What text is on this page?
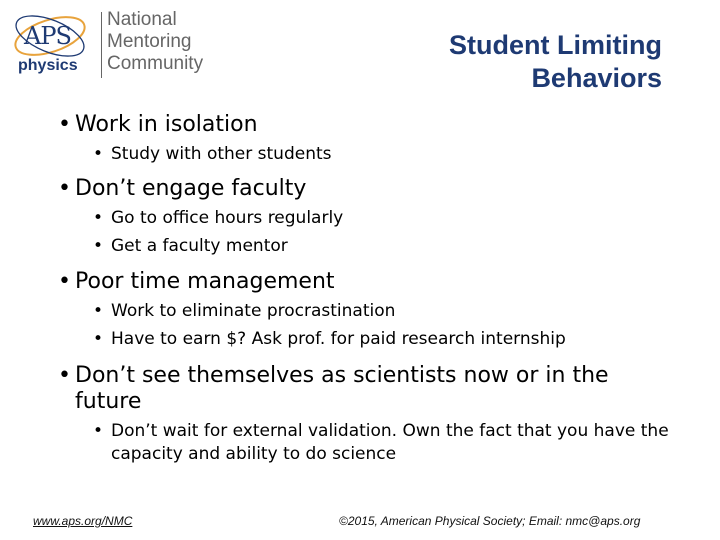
APS
physics
National
Mentoring
Community
Student Limiting
Behaviors
• Work in isolation
• Study with other students
• Don’t engage faculty
• Go to office hours regularly
• Get a faculty mentor
• Poor time management
• Work to eliminate procrastination
• Have to earn $? Ask prof. for paid research internship
• Don’t see themselves as scientists now or in the future
• Don’t wait for external validation. Own the fact that you have the capacity and ability to do science
www.aps.org/NMC	©2015, American Physical Society; Email: nmc@aps.org
